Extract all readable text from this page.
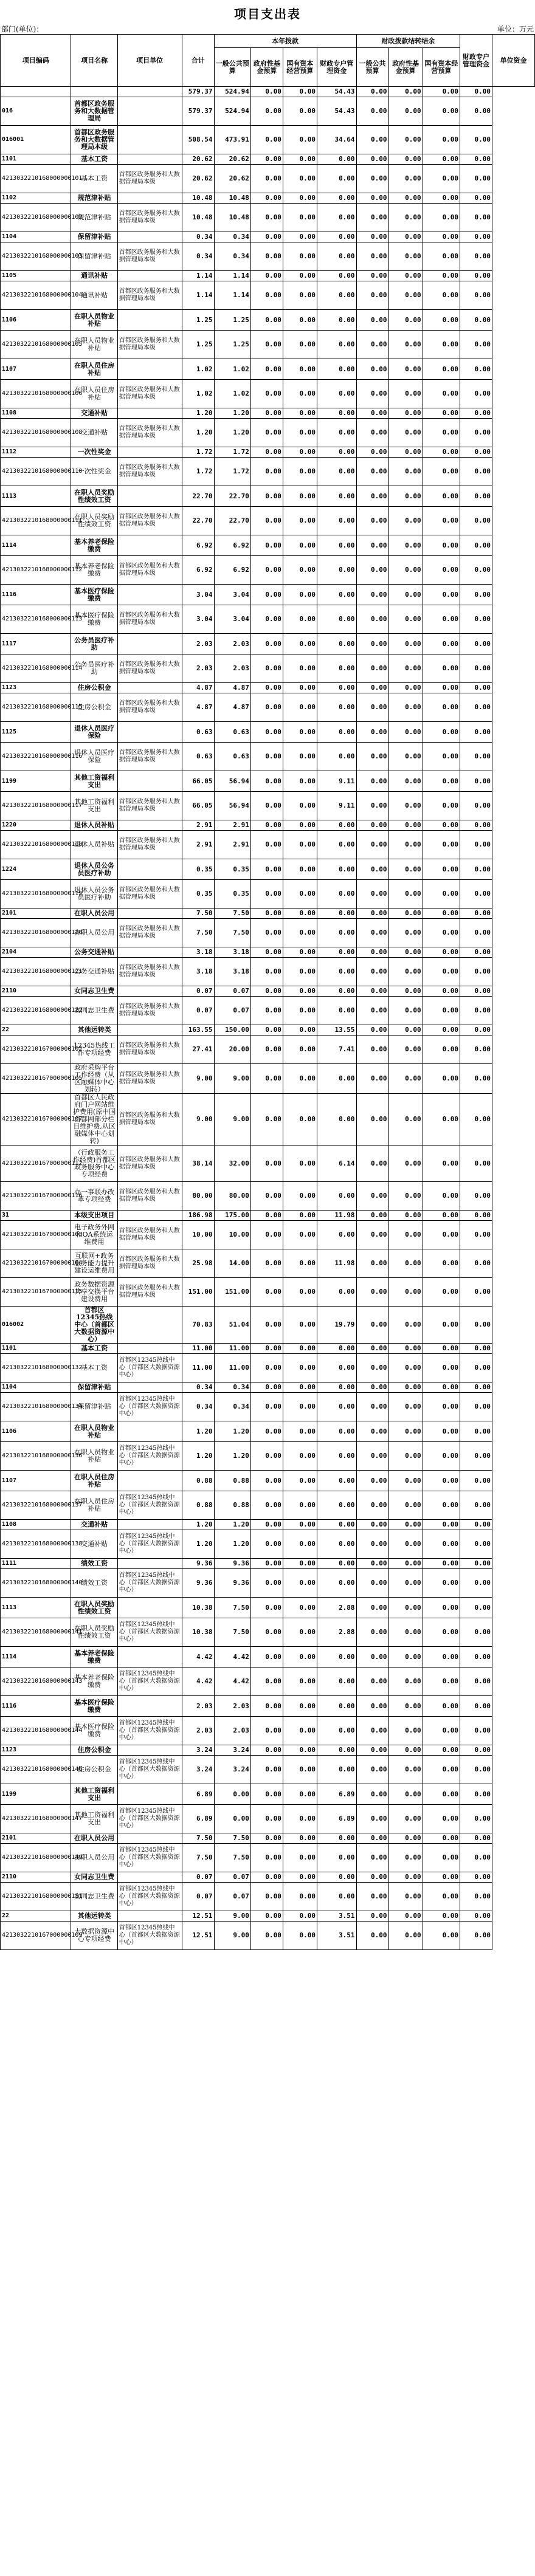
项目支出表
部门(单位)：	单位：万元
项目编码	项目名称	项目单位	合计	本年拨款				财政拨款结转结余			财政专户管理资金	单位资金
				一般公共预算	政府性基金预算	国有资本经营预算	财政专户管理资金	一般公共预算	政府性基金预算	国有资本经营预算		
			579.37	524.94	0.00	0.00	54.43	0.00	0.00	0.00	0.00	
016	首都区政务服务和大数据管理局		579.37	524.94	0.00	0.00	54.43	0.00	0.00	0.00	0.00	
016001	首都区政务服务和大数据管理局本级		508.54	473.91	0.00	0.00	34.64	0.00	0.00	0.00	0.00	
1101	基本工资		20.62	20.62	0.00	0.00	0.00	0.00	0.00	0.00	0.00	
4213032210168000000101	基本工资	首都区政务服务和大数据管理局本级	20.62	20.62	0.00	0.00	0.00	0.00	0.00	0.00	0.00	
1102	规范津补贴		10.48	10.48	0.00	0.00	0.00	0.00	0.00	0.00	0.00	
4213032210168000000102	规范津补贴	首都区政务服务和大数据管理局本级	10.48	10.48	0.00	0.00	0.00	0.00	0.00	0.00	0.00	
1104	保留津补贴		0.34	0.34	0.00	0.00	0.00	0.00	0.00	0.00	0.00	
4213032210168000000103	保留津补贴	首都区政务服务和大数据管理局本级	0.34	0.34	0.00	0.00	0.00	0.00	0.00	0.00	0.00	
1105	通讯补贴		1.14	1.14	0.00	0.00	0.00	0.00	0.00	0.00	0.00	
4213032210168000000104	通讯补贴	首都区政务服务和大数据管理局本级	1.14	1.14	0.00	0.00	0.00	0.00	0.00	0.00	0.00	
1106	在职人员物业补贴		1.25	1.25	0.00	0.00	0.00	0.00	0.00	0.00	0.00	
4213032210168000000105	在职人员物业补贴	首都区政务服务和大数据管理局本级	1.25	1.25	0.00	0.00	0.00	0.00	0.00	0.00	0.00	
1107	在职人员住房补贴		1.02	1.02	0.00	0.00	0.00	0.00	0.00	0.00	0.00	
4213032210168000000106	在职人员住房补贴	首都区政务服务和大数据管理局本级	1.02	1.02	0.00	0.00	0.00	0.00	0.00	0.00	0.00	
1108	交通补贴		1.20	1.20	0.00	0.00	0.00	0.00	0.00	0.00	0.00	
4213032210168000000108	交通补贴	首都区政务服务和大数据管理局本级	1.20	1.20	0.00	0.00	0.00	0.00	0.00	0.00	0.00	
1112	一次性奖金		1.72	1.72	0.00	0.00	0.00	0.00	0.00	0.00	0.00	
4213032210168000000110	一次性奖金	首都区政务服务和大数据管理局本级	1.72	1.72	0.00	0.00	0.00	0.00	0.00	0.00	0.00	
1113	在职人员奖励性绩效工资		22.70	22.70	0.00	0.00	0.00	0.00	0.00	0.00	0.00	
4213032210168000000111	在职人员奖励性绩效工资	首都区政务服务和大数据管理局本级	22.70	22.70	0.00	0.00	0.00	0.00	0.00	0.00	0.00	
1114	基本养老保险缴费		6.92	6.92	0.00	0.00	0.00	0.00	0.00	0.00	0.00	
4213032210168000000112	基本养老保险缴费	首都区政务服务和大数据管理局本级	6.92	6.92	0.00	0.00	0.00	0.00	0.00	0.00	0.00	
1116	基本医疗保险缴费		3.04	3.04	0.00	0.00	0.00	0.00	0.00	0.00	0.00	
4213032210168000000113	基本医疗保险缴费	首都区政务服务和大数据管理局本级	3.04	3.04	0.00	0.00	0.00	0.00	0.00	0.00	0.00	
1117	公务员医疗补助		2.03	2.03	0.00	0.00	0.00	0.00	0.00	0.00	0.00	
4213032210168000000114	公务员医疗补助	首都区政务服务和大数据管理局本级	2.03	2.03	0.00	0.00	0.00	0.00	0.00	0.00	0.00	
1123	住房公积金		4.87	4.87	0.00	0.00	0.00	0.00	0.00	0.00	0.00	
4213032210168000000115	住房公积金	首都区政务服务和大数据管理局本级	4.87	4.87	0.00	0.00	0.00	0.00	0.00	0.00	0.00	
1125	退休人员医疗保险		0.63	0.63	0.00	0.00	0.00	0.00	0.00	0.00	0.00	
4213032210168000000116	退休人员医疗保险	首都区政务服务和大数据管理局本级	0.63	0.63	0.00	0.00	0.00	0.00	0.00	0.00	0.00	
1199	其他工资福利支出		66.05	56.94	0.00	0.00	9.11	0.00	0.00	0.00	0.00	
4213032210168000000117	其他工资福利支出	首都区政务服务和大数据管理局本级	66.05	56.94	0.00	0.00	9.11	0.00	0.00	0.00	0.00	
1220	退休人员补贴		2.91	2.91	0.00	0.00	0.00	0.00	0.00	0.00	0.00	
4213032210168000000118	退休人员补贴	首都区政务服务和大数据管理局本级	2.91	2.91	0.00	0.00	0.00	0.00	0.00	0.00	0.00	
1224	退休人员公务员医疗补助		0.35	0.35	0.00	0.00	0.00	0.00	0.00	0.00	0.00	
4213032210168000000119	退休人员公务员医疗补助	首都区政务服务和大数据管理局本级	0.35	0.35	0.00	0.00	0.00	0.00	0.00	0.00	0.00	
2101	在职人员公用		7.50	7.50	0.00	0.00	0.00	0.00	0.00	0.00	0.00	
4213032210168000000120	在职人员公用	首都区政务服务和大数据管理局本级	7.50	7.50	0.00	0.00	0.00	0.00	0.00	0.00	0.00	
2104	公务交通补贴		3.18	3.18	0.00	0.00	0.00	0.00	0.00	0.00	0.00	
4213032210168000000121	公务交通补贴	首都区政务服务和大数据管理局本级	3.18	3.18	0.00	0.00	0.00	0.00	0.00	0.00	0.00	
2110	女同志卫生费		0.07	0.07	0.00	0.00	0.00	0.00	0.00	0.00	0.00	
4213032210168000000122	女同志卫生费	首都区政务服务和大数据管理局本级	0.07	0.07	0.00	0.00	0.00	0.00	0.00	0.00	0.00	
22	其他运转类		163.55	150.00	0.00	0.00	13.55	0.00	0.00	0.00	0.00	
4213032210167000000102	12345热线工作专项经费	首都区政务服务和大数据管理局本级	27.41	20.00	0.00	0.00	7.41	0.00	0.00	0.00	0.00	
4213032210167000000105	政府采购平台工作经费（从区融媒体中心划转）	首都区政务服务和大数据管理局本级	9.00	9.00	0.00	0.00	0.00	0.00	0.00	0.00	0.00	
4213032210167000000107	首都区人民政府门户网站维护费用(原中国首都网部分栏目维护费,从区融媒体中心划转)	首都区政务服务和大数据管理局本级	9.00	9.00	0.00	0.00	0.00	0.00	0.00	0.00	0.00	
4213032210167000000112	（行政服务工作经费)首都区政务服务中心专项经费	首都区政务服务和大数据管理局本级	38.14	32.00	0.00	0.00	6.14	0.00	0.00	0.00	0.00	
4213032210167000000116	办一事联办改革专项经费	首都区政务服务和大数据管理局本级	80.00	80.00	0.00	0.00	0.00	0.00	0.00	0.00	0.00	
31	本级支出项目		186.98	175.00	0.00	0.00	11.98	0.00	0.00	0.00	0.00	
4213032210167000000103	电子政务外网和OA系统运维费用	首都区政务服务和大数据管理局本级	10.00	10.00	0.00	0.00	0.00	0.00	0.00	0.00	0.00	
4213032210167000000104	互联网+政务服务能力提升建设运维费用	首都区政务服务和大数据管理局本级	25.98	14.00	0.00	0.00	11.98	0.00	0.00	0.00	0.00	
4213032210167000000115	政务数据资源共享交换平台建设费用	首都区政务服务和大数据管理局本级	151.00	151.00	0.00	0.00	0.00	0.00	0.00	0.00	0.00	
016002	首都区12345热线中心（首都区大数据资源中心）		70.83	51.04	0.00	0.00	19.79	0.00	0.00	0.00	0.00	
1101	基本工资		11.00	11.00	0.00	0.00	0.00	0.00	0.00	0.00	0.00	
4213032210168000000132	基本工资	首都区12345热线中心（首都区大数据资源中心）	11.00	11.00	0.00	0.00	0.00	0.00	0.00	0.00	0.00	
1104	保留津补贴		0.34	0.34	0.00	0.00	0.00	0.00	0.00	0.00	0.00	
4213032210168000000134	保留津补贴	首都区12345热线中心（首都区大数据资源中心）	0.34	0.34	0.00	0.00	0.00	0.00	0.00	0.00	0.00	
1106	在职人员物业补贴		1.20	1.20	0.00	0.00	0.00	0.00	0.00	0.00	0.00	
4213032210168000000136	在职人员物业补贴	首都区12345热线中心（首都区大数据资源中心）	1.20	1.20	0.00	0.00	0.00	0.00	0.00	0.00	0.00	
1107	在职人员住房补贴		0.88	0.88	0.00	0.00	0.00	0.00	0.00	0.00	0.00	
4213032210168000000137	在职人员住房补贴	首都区12345热线中心（首都区大数据资源中心）	0.88	0.88	0.00	0.00	0.00	0.00	0.00	0.00	0.00	
1108	交通补贴		1.20	1.20	0.00	0.00	0.00	0.00	0.00	0.00	0.00	
4213032210168000000138	交通补贴	首都区12345热线中心（首都区大数据资源中心）	1.20	1.20	0.00	0.00	0.00	0.00	0.00	0.00	0.00	
1111	绩效工资		9.36	9.36	0.00	0.00	0.00	0.00	0.00	0.00	0.00	
4213032210168000000140	绩效工资	首都区12345热线中心（首都区大数据资源中心）	9.36	9.36	0.00	0.00	0.00	0.00	0.00	0.00	0.00	
1113	在职人员奖励性绩效工资		10.38	7.50	0.00	0.00	2.88	0.00	0.00	0.00	0.00	
4213032210168000000141	在职人员奖励性绩效工资	首都区12345热线中心（首都区大数据资源中心）	10.38	7.50	0.00	0.00	2.88	0.00	0.00	0.00	0.00	
1114	基本养老保险缴费		4.42	4.42	0.00	0.00	0.00	0.00	0.00	0.00	0.00	
4213032210168000000143	基本养老保险缴费	首都区12345热线中心（首都区大数据资源中心）	4.42	4.42	0.00	0.00	0.00	0.00	0.00	0.00	0.00	
1116	基本医疗保险缴费		2.03	2.03	0.00	0.00	0.00	0.00	0.00	0.00	0.00	
4213032210168000000144	基本医疗保险缴费	首都区12345热线中心（首都区大数据资源中心）	2.03	2.03	0.00	0.00	0.00	0.00	0.00	0.00	0.00	
1123	住房公积金		3.24	3.24	0.00	0.00	0.00	0.00	0.00	0.00	0.00	
4213032210168000000146	住房公积金	首都区12345热线中心（首都区大数据资源中心）	3.24	3.24	0.00	0.00	0.00	0.00	0.00	0.00	0.00	
1199	其他工资福利支出		6.89	0.00	0.00	0.00	6.89	0.00	0.00	0.00	0.00	
4213032210168000000147	其他工资福利支出	首都区12345热线中心（首都区大数据资源中心）	6.89	0.00	0.00	0.00	6.89	0.00	0.00	0.00	0.00	
2101	在职人员公用		7.50	7.50	0.00	0.00	0.00	0.00	0.00	0.00	0.00	
4213032210168000000149	在职人员公用	首都区12345热线中心（首都区大数据资源中心）	7.50	7.50	0.00	0.00	0.00	0.00	0.00	0.00	0.00	
2110	女同志卫生费		0.07	0.07	0.00	0.00	0.00	0.00	0.00	0.00	0.00	
4213032210168000000151	女同志卫生费	首都区12345热线中心（首都区大数据资源中心）	0.07	0.07	0.00	0.00	0.00	0.00	0.00	0.00	0.00	
22	其他运转类		12.51	9.00	0.00	0.00	3.51	0.00	0.00	0.00	0.00	
4213032210167000000109	大数据资源中心专项经费	首都区12345热线中心（首都区大数据资源中心）	12.51	9.00	0.00	0.00	3.51	0.00	0.00	0.00	0.00	
